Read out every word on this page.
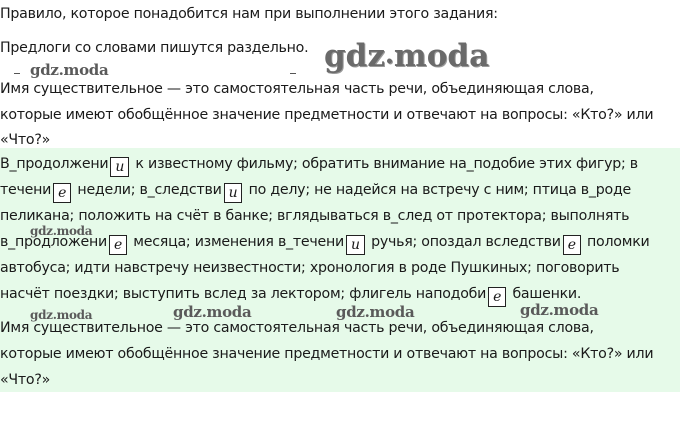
Правило, которое понадобится нам при выполнении этого задания:
Предлоги со словами пишутся раздельно.
Имя существительное — это самостоятельная часть речи, объединяющая слова,
которые имеют обобщённое значение предметности и отвечают на вопросы: «Кто?» или
«Что?»
В_продолжени и к известному фильму; обратить внимание на_подобие этих фигур; в
течени е недели; в_следстви и по делу; не надейся на встречу с ним; птица в_роде
пеликана; положить на счёт в банке; вглядываться в_след от протектора; выполнять
в_продложени е месяца; изменения в_течени и ручья; опоздал вследстви е поломки
автобуса; идти навстречу неизвестности; хронология в роде Пушкиных; поговорить
насчёт поездки; выступить вслед за лектором; флигель наподоби е башенки.
Имя существительное — это самостоятельная часть речи, объединяющая слова,
которые имеют обобщённое значение предметности и отвечают на вопросы: «Кто?» или
«Что?»
gdz•moda
gdz.moda
gdz.moda
gdz.moda	gdz.moda	gdz.moda	gdz.moda
